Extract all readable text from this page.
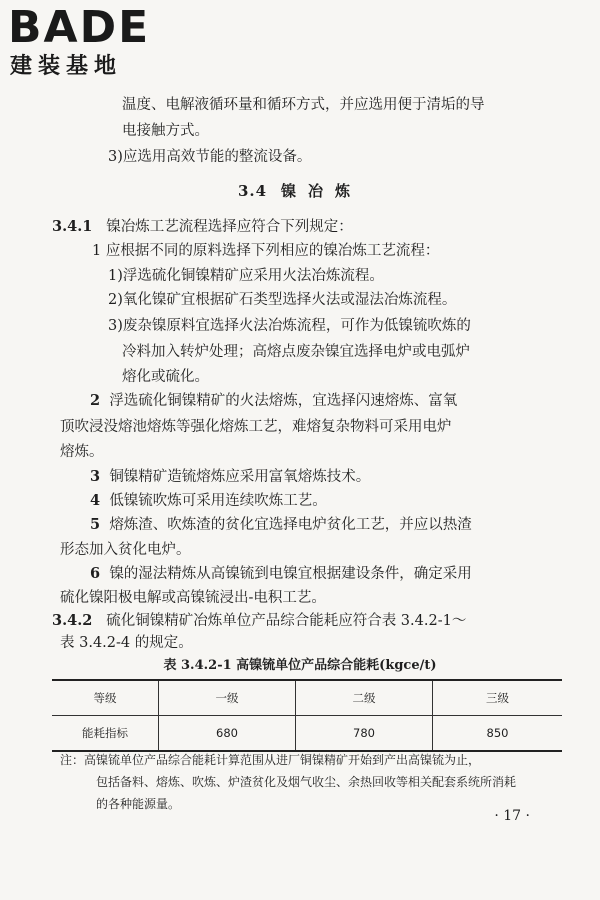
BADE
建装基地
温度、电解液循环量和循环方式，并应选用便于清垢的导
电接触方式。
3)应选用高效节能的整流设备。
3.4 镍冶炼
3.4.1 镍冶炼工艺流程选择应符合下列规定：
1 应根据不同的原料选择下列相应的镍冶炼工艺流程：
1)浮选硫化铜镍精矿应采用火法冶炼流程。
2)氧化镍矿宜根据矿石类型选择火法或湿法冶炼流程。
3)废杂镍原料宜选择火法冶炼流程，可作为低镍锍吹炼的
冷料加入转炉处理；高熔点废杂镍宜选择电炉或电弧炉
熔化或硫化。
2 浮选硫化铜镍精矿的火法熔炼，宜选择闪速熔炼、富氧
顶吹浸没熔池熔炼等强化熔炼工艺，难熔复杂物料可采用电炉
熔炼。
3 铜镍精矿造锍熔炼应采用富氧熔炼技术。
4 低镍锍吹炼可采用连续吹炼工艺。
5 熔炼渣、吹炼渣的贫化宜选择电炉贫化工艺，并应以热渣
形态加入贫化电炉。
6 镍的湿法精炼从高镍锍到电镍宜根据建设条件，确定采用
硫化镍阳极电解或高镍锍浸出-电积工艺。
3.4.2 硫化铜镍精矿冶炼单位产品综合能耗应符合表 3.4.2-1～
表 3.4.2-4 的规定。
表 3.4.2-1 高镍锍单位产品综合能耗(kgce/t)
等级	一级	二级	三级
能耗指标	680	780	850
注：高镍锍单位产品综合能耗计算范围从进厂铜镍精矿开始到产出高镍锍为止，
包括备料、熔炼、吹炼、炉渣贫化及烟气收尘、余热回收等相关配套系统所消耗
的各种能源量。
· 17 ·
